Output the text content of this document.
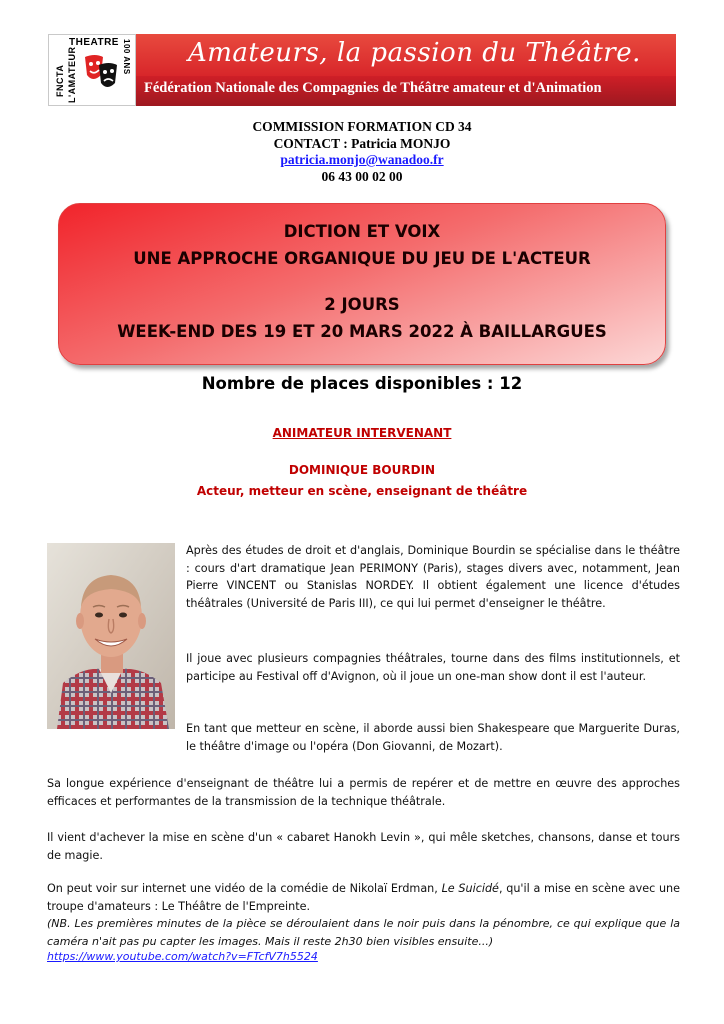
FNCTA L'AMATEUR
THEATRE 100 ANS Amateurs, la passion du Théâtre.
Fédération Nationale des Compagnies de Théâtre amateur et d'Animation
COMMISSION FORMATION CD 34
CONTACT : Patricia MONJO
patricia.monjo@wanadoo.fr
06 43 00 02 00
DICTION ET VOIX
UNE APPROCHE ORGANIQUE DU JEU DE L'ACTEUR
2 JOURS
WEEK-END DES 19 ET 20 MARS 2022 À BAILLARGUES
Nombre de places disponibles : 12
ANIMATEUR INTERVENANT
DOMINIQUE BOURDIN
Acteur, metteur en scène, enseignant de théâtre
Après des études de droit et d'anglais, Dominique Bourdin se spécialise dans le théâtre : cours d'art dramatique Jean PERIMONY (Paris), stages divers avec, notamment, Jean Pierre VINCENT ou Stanislas NORDEY. Il obtient également une licence d'études théâtrales (Université de Paris III), ce qui lui permet d'enseigner le théâtre.
Il joue avec plusieurs compagnies théâtrales, tourne dans des films institutionnels, et participe au Festival off d'Avignon, où il joue un one-man show dont il est l'auteur.
En tant que metteur en scène, il aborde aussi bien Shakespeare que Marguerite Duras, le théâtre d'image ou l'opéra (Don Giovanni, de Mozart).
Sa longue expérience d'enseignant de théâtre lui a permis de repérer et de mettre en œuvre des approches efficaces et performantes de la transmission de la technique théâtrale.
Il vient d'achever la mise en scène d'un « cabaret Hanokh Levin », qui mêle sketches, chansons, danse et tours de magie.
On peut voir sur internet une vidéo de la comédie de Nikolaï Erdman, Le Suicidé, qu'il a mise en scène avec une troupe d'amateurs : Le Théâtre de l'Empreinte.
(NB. Les premières minutes de la pièce se déroulaient dans le noir puis dans la pénombre, ce qui explique que la caméra n'ait pas pu capter les images. Mais il reste 2h30 bien visibles ensuite...)
https://www.youtube.com/watch?v=FTcfV7h5524
